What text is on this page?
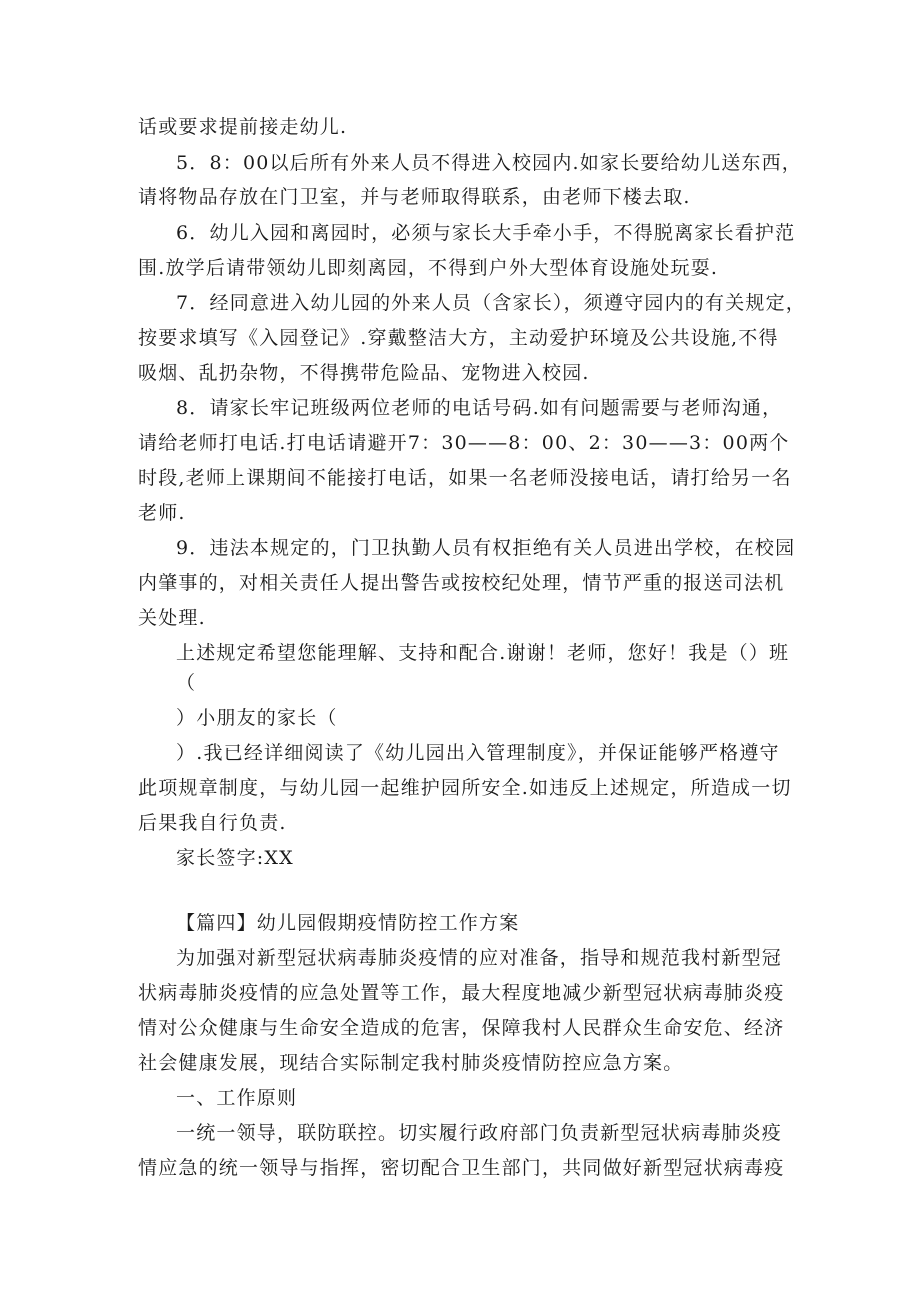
话或要求提前接走幼儿.
5．8：00以后所有外来人员不得进入校园内.如家长要给幼儿送东西，
请将物品存放在门卫室，并与老师取得联系，由老师下楼去取.
6．幼儿入园和离园时，必须与家长大手牵小手，不得脱离家长看护范
围.放学后请带领幼儿即刻离园，不得到户外大型体育设施处玩耍.
7．经同意进入幼儿园的外来人员（含家长），须遵守园内的有关规定，
按要求填写《入园登记》.穿戴整洁大方，主动爱护环境及公共设施,不得
吸烟、乱扔杂物，不得携带危险品、宠物进入校园.
8．请家长牢记班级两位老师的电话号码.如有问题需要与老师沟通，
请给老师打电话.打电话请避开7：30——8：00、2：30——3：00两个
时段,老师上课期间不能接打电话，如果一名老师没接电话，请打给另一名
老师.
9．违法本规定的，门卫执勤人员有权拒绝有关人员进出学校，在校园
内肇事的，对相关责任人提出警告或按校纪处理，情节严重的报送司法机
关处理.
上述规定希望您能理解、支持和配合.谢谢！老师，您好！我是（）班
（
）小朋友的家长（
）.我已经详细阅读了《幼儿园出入管理制度》，并保证能够严格遵守
此项规章制度，与幼儿园一起维护园所安全.如违反上述规定，所造成一切
后果我自行负责.
家长签字:XX
【篇四】幼儿园假期疫情防控工作方案
为加强对新型冠状病毒肺炎疫情的应对准备，指导和规范我村新型冠
状病毒肺炎疫情的应急处置等工作，最大程度地减少新型冠状病毒肺炎疫
情对公众健康与生命安全造成的危害，保障我村人民群众生命安危、经济
社会健康发展，现结合实际制定我村肺炎疫情防控应急方案。
一、工作原则
一统一领导，联防联控。切实履行政府部门负责新型冠状病毒肺炎疫
情应急的统一领导与指挥，密切配合卫生部门，共同做好新型冠状病毒疫
